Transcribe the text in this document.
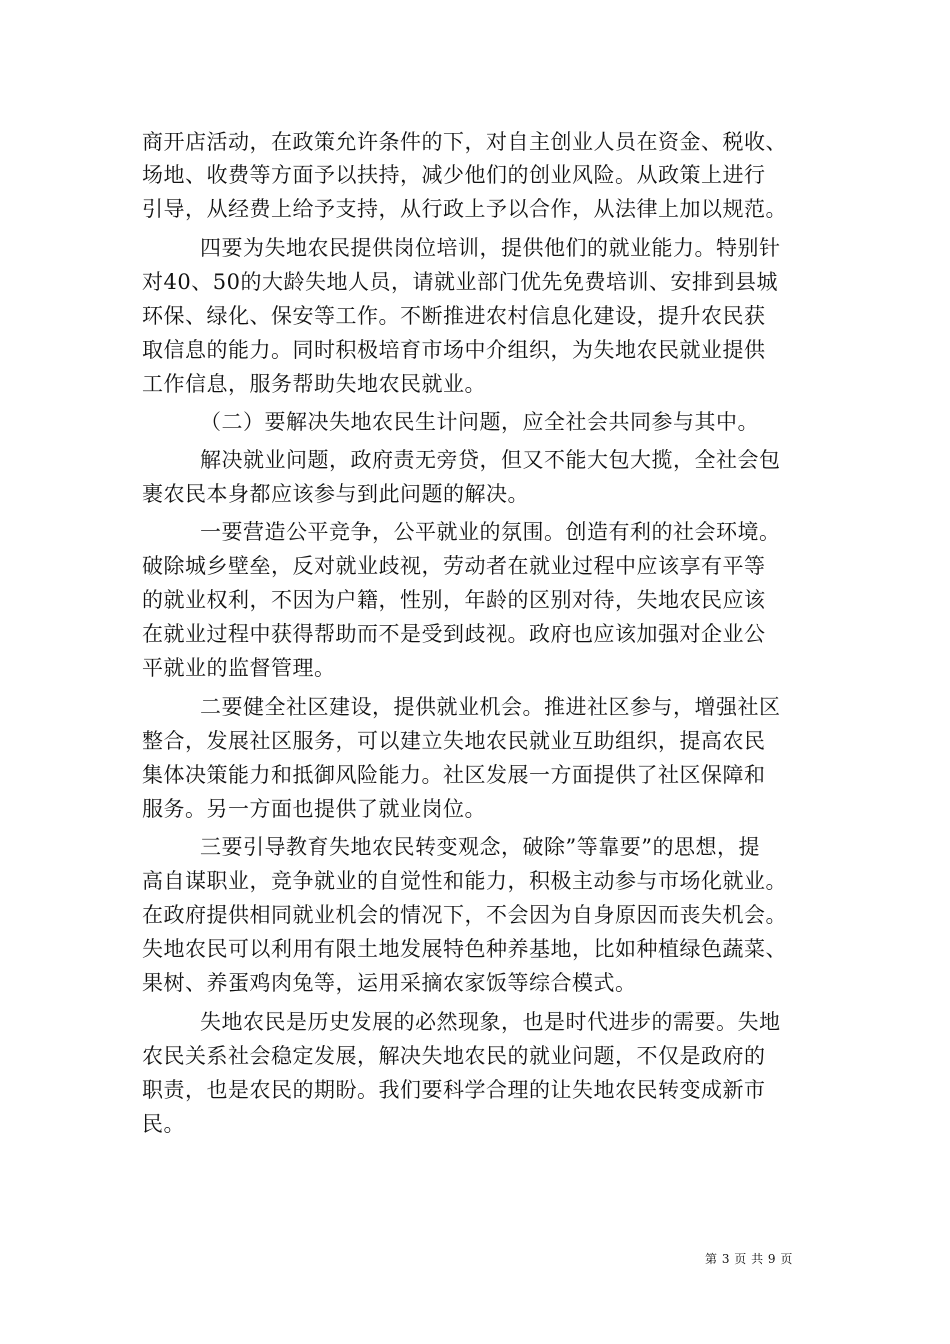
商开店活动，在政策允许条件的下，对自主创业人员在资金、税收、
场地、收费等方面予以扶持，减少他们的创业风险。从政策上进行
引导，从经费上给予支持，从行政上予以合作，从法律上加以规范。
四要为失地农民提供岗位培训，提供他们的就业能力。特别针
对40、50的大龄失地人员，请就业部门优先免费培训、安排到县城
环保、绿化、保安等工作。不断推进农村信息化建设，提升农民获
取信息的能力。同时积极培育市场中介组织，为失地农民就业提供
工作信息，服务帮助失地农民就业。
（二）要解决失地农民生计问题，应全社会共同参与其中。
解决就业问题，政府责无旁贷，但又不能大包大揽，全社会包
裹农民本身都应该参与到此问题的解决。
一要营造公平竞争，公平就业的氛围。创造有利的社会环境。
破除城乡壁垒，反对就业歧视，劳动者在就业过程中应该享有平等
的就业权利，不因为户籍，性别，年龄的区别对待，失地农民应该
在就业过程中获得帮助而不是受到歧视。政府也应该加强对企业公
平就业的监督管理。
二要健全社区建设，提供就业机会。推进社区参与，增强社区
整合，发展社区服务，可以建立失地农民就业互助组织，提高农民
集体决策能力和抵御风险能力。社区发展一方面提供了社区保障和
服务。另一方面也提供了就业岗位。
三要引导教育失地农民转变观念，破除”等靠要”的思想，提
高自谋职业，竞争就业的自觉性和能力，积极主动参与市场化就业。
在政府提供相同就业机会的情况下，不会因为自身原因而丧失机会。
失地农民可以利用有限土地发展特色种养基地，比如种植绿色蔬菜、
果树、养蛋鸡肉兔等，运用采摘农家饭等综合模式。
失地农民是历史发展的必然现象，也是时代进步的需要。失地
农民关系社会稳定发展，解决失地农民的就业问题，不仅是政府的
职责，也是农民的期盼。我们要科学合理的让失地农民转变成新市
民。
第 3 页 共 9 页
